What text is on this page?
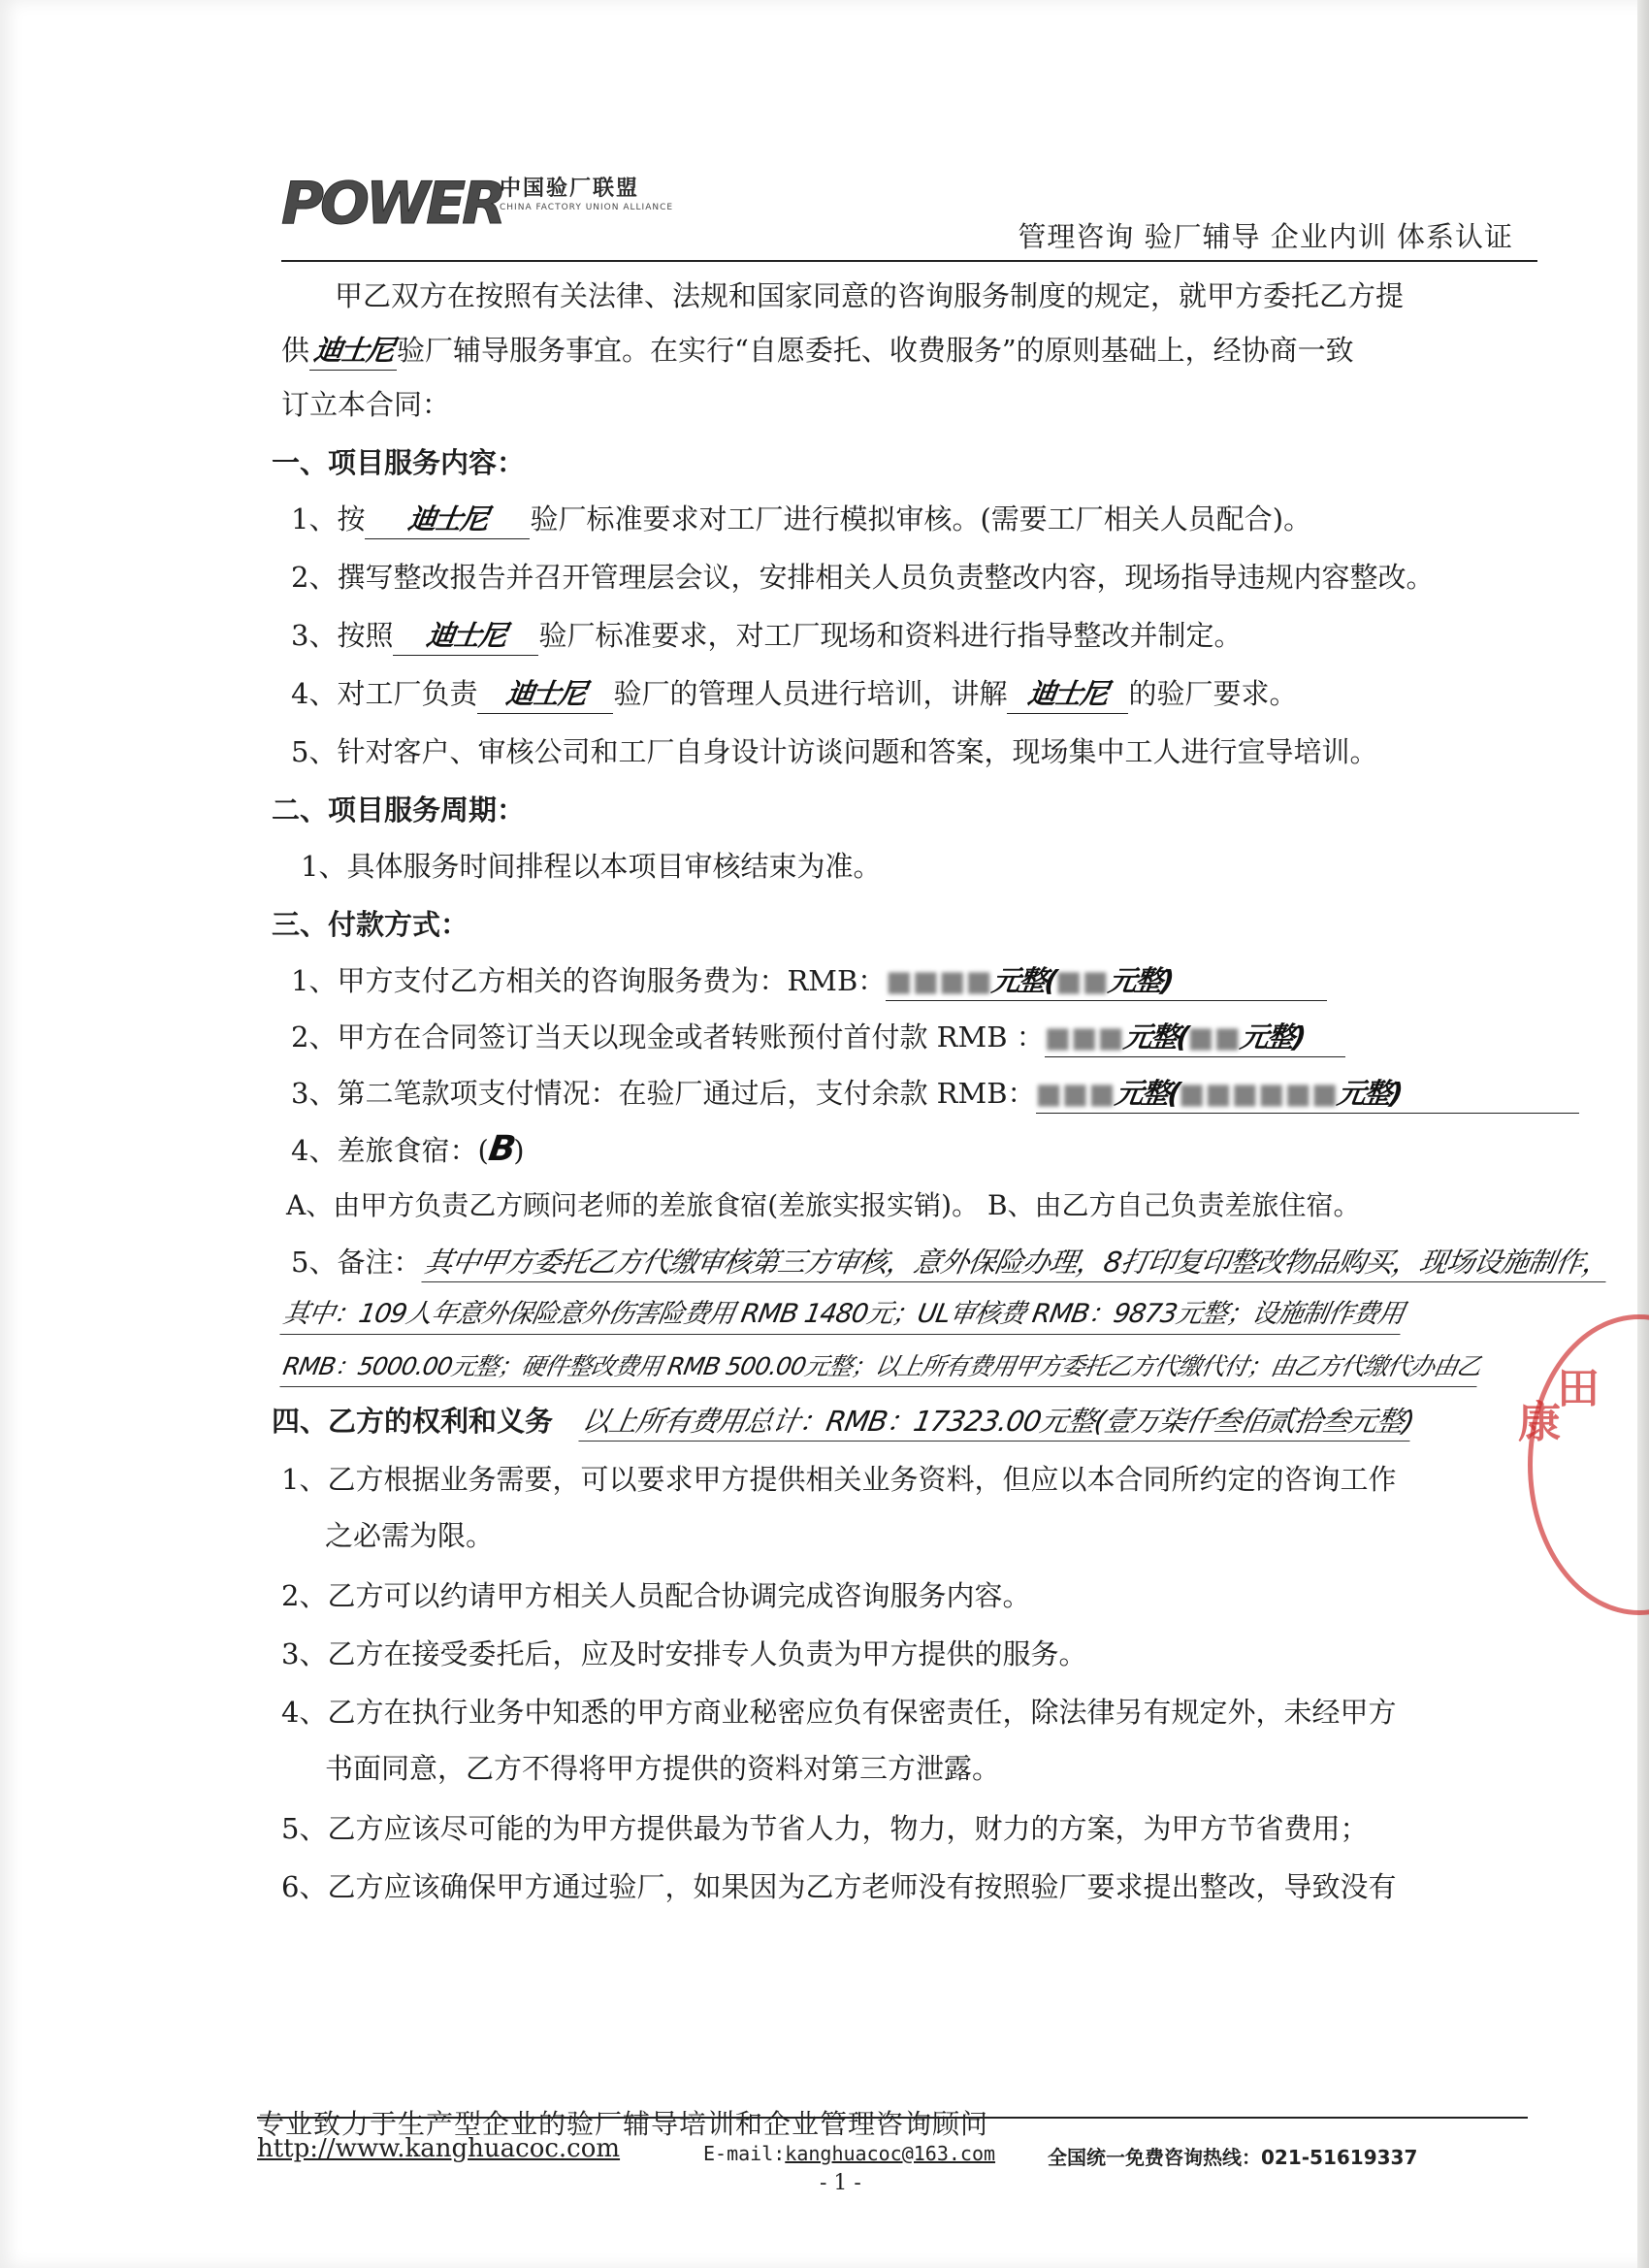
POWER
中国验厂联盟
CHINA FACTORY UNION ALLIANCE
管理咨询 验厂辅导 企业内训 体系认证
甲乙双方在按照有关法律、法规和国家同意的咨询服务制度的规定，就甲方委托乙方提
供迪士尼验厂辅导服务事宜。在实行“自愿委托、收费服务”的原则基础上，经协商一致
订立本合同：
一、项目服务内容：
1、按 迪士尼 验厂标准要求对工厂进行模拟审核。(需要工厂相关人员配合)。
2、撰写整改报告并召开管理层会议，安排相关人员负责整改内容，现场指导违规内容整改。
3、按照 迪士尼 验厂标准要求，对工厂现场和资料进行指导整改并制定。
4、对工厂负责 迪士尼 验厂的管理人员进行培训，讲解 迪士尼 的验厂要求。
5、针对客户、审核公司和工厂自身设计访谈问题和答案，现场集中工人进行宣导培训。
二、项目服务周期：
1、具体服务时间排程以本项目审核结束为准。
三、付款方式：
1、甲方支付乙方相关的咨询服务费为：RMB：■■■■元整(■■元整)
2、甲方在合同签订当天以现金或者转账预付首付款 RMB ：■■■元整(■■元整)
3、第二笔款项支付情况：在验厂通过后，支付余款 RMB：■■■元整(■■■■■■元整)
4、差旅食宿：(B)
A、由甲方负责乙方顾问老师的差旅食宿(差旅实报实销)。 B、由乙方自己负责差旅住宿。
5、备注： 其中甲方委托乙方代缴审核第三方审核，意外保险办理，8打印复印整改物品购买，现场设施制作，
其中：109人年意外保险意外伤害险费用 RMB 1480元；UL审核费 RMB：9873元整；设施制作费用
RMB：5000.00元整；硬件整改费用 RMB 500.00元整；以上所有费用甲方委托乙方代缴代付；由乙方代缴代办由乙
四、乙方的权利和义务 以上所有费用总计：RMB：17323.00元整(壹万柒仟叁佰贰拾叁元整)
1、乙方根据业务需要，可以要求甲方提供相关业务资料，但应以本合同所约定的咨询工作
之必需为限。
2、乙方可以约请甲方相关人员配合协调完成咨询服务内容。
3、乙方在接受委托后，应及时安排专人负责为甲方提供的服务。
4、乙方在执行业务中知悉的甲方商业秘密应负有保密责任，除法律另有规定外，未经甲方
书面同意，乙方不得将甲方提供的资料对第三方泄露。
5、乙方应该尽可能的为甲方提供最为节省人力，物力，财力的方案，为甲方节省费用；
6、乙方应该确保甲方通过验厂，如果因为乙方老师没有按照验厂要求提出整改，导致没有
康
田
专业致力于生产型企业的验厂辅导培训和企业管理咨询顾问
http://www.kanghuacoc.com	E-mail:kanghuacoc@163.com	全国统一免费咨询热线：021-51619337
- 1 -
